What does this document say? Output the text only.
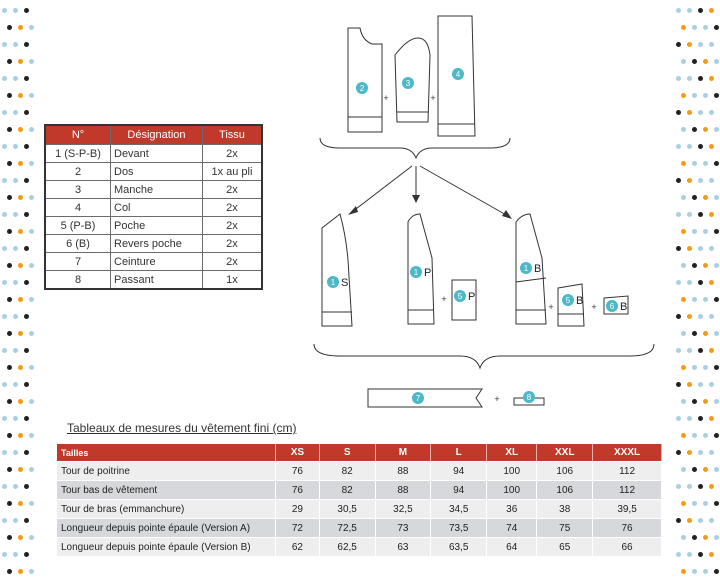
N°	Désignation	Tissu
1 (S-P-B)	Devant	2x
2	Dos	1x au pli
3	Manche	2x
4	Col	2x
5 (P-B)	Poche	2x
6 (B)	Revers poche	2x
7	Ceinture	2x
8	Passant	1x
2
3
4
+	+
1 S
1 P
5 P
+
1 B
5 B	6 B
+	+
7	8
+
Tableaux de mesures du vêtement fini (cm)
Tailles	XS	S	M	L	XL	XXL	XXXL
Tour de poitrine	76	82	88	94	100	106	112
Tour bas de vêtement	76	82	88	94	100	106	112
Tour de bras (emmanchure)	29	30,5	32,5	34,5	36	38	39,5
Longueur depuis pointe épaule (Version A)	72	72,5	73	73,5	74	75	76
Longueur depuis pointe épaule (Version B)	62	62,5	63	63,5	64	65	66
